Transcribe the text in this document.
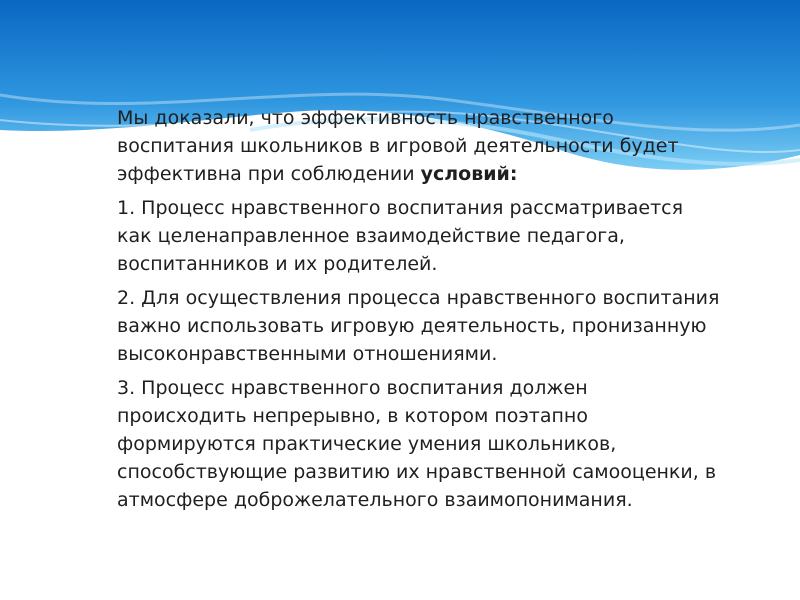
Мы доказали, что эффективность нравственного воспитания школьников в игровой деятельности будет эффективна при соблюдении условий:

1. Процесс нравственного воспитания рассматривается как целенаправленное взаимодействие педагога, воспитанников и их родителей.

2. Для осуществления процесса нравственного воспитания важно использовать игровую деятельность, пронизанную высоконравственными отношениями.

3. Процесс нравственного воспитания должен происходить непрерывно, в котором поэтапно формируются практические умения школьников, способствующие развитию их нравственной самооценки, в атмосфере доброжелательного взаимопонимания.
